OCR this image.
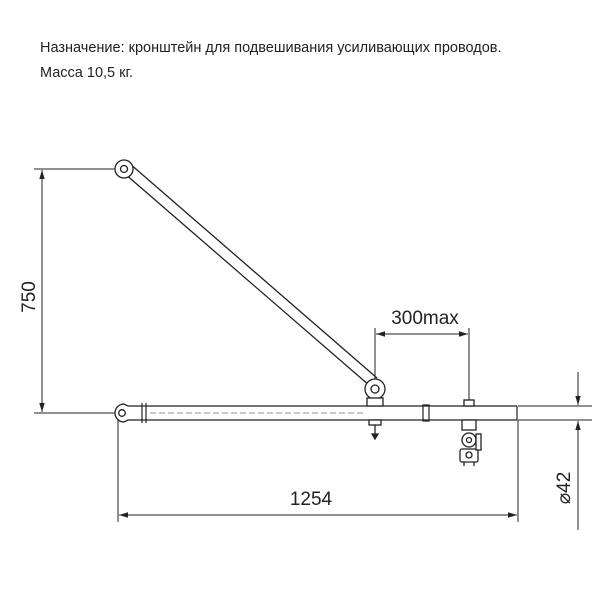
Назначение: кронштейн для подвешивания усиливающих проводов.
Масса 10,5 кг.
750
300max
1254	⌀42
